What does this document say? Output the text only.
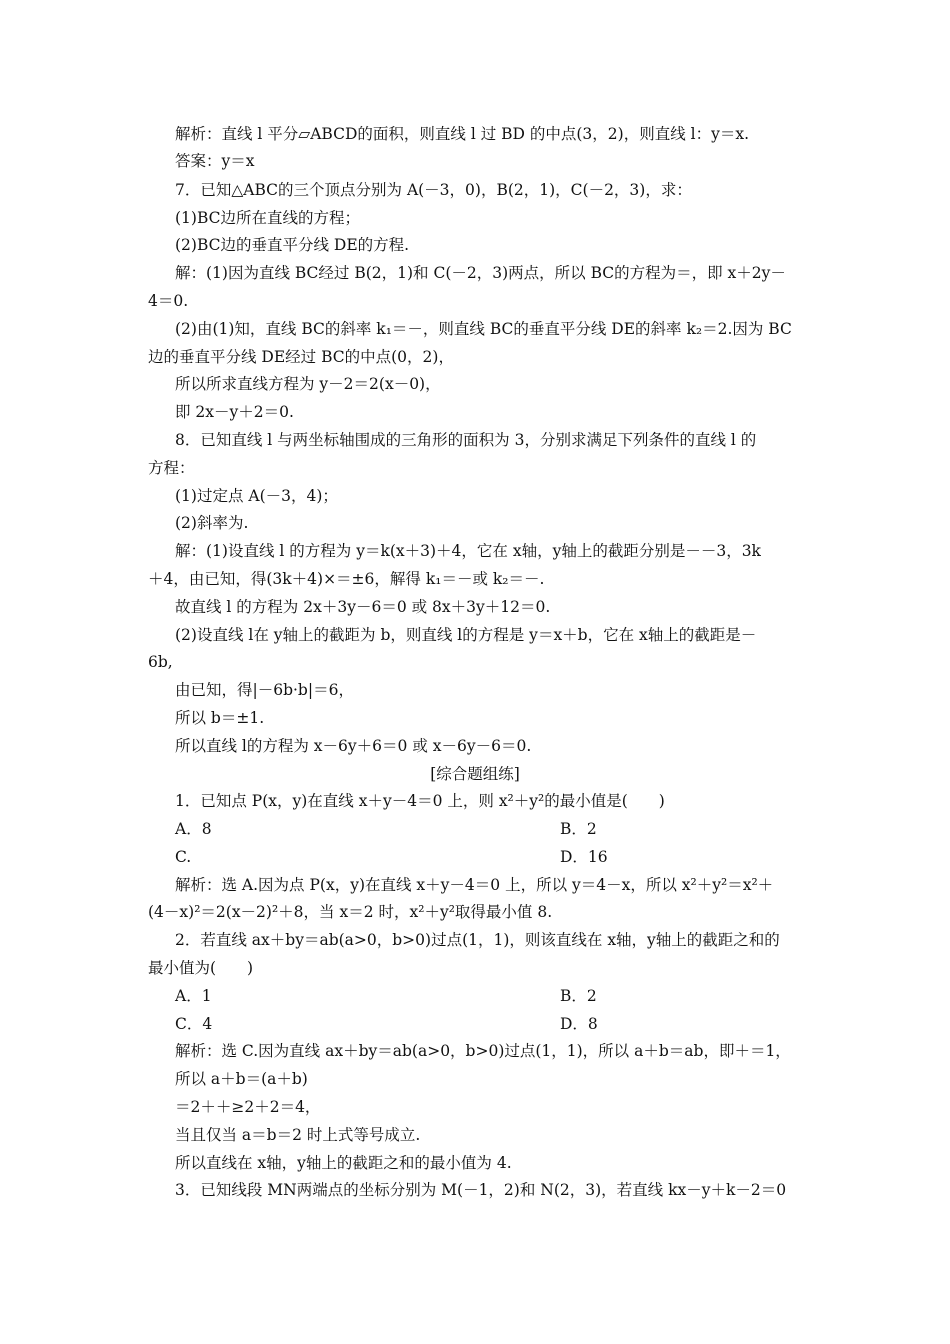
解析：直线 l 平分▱ABCD的面积，则直线 l 过 BD 的中点(3，2)，则直线 l：y＝x.
答案：y＝x
7．已知△ABC的三个顶点分别为 A(－3，0)，B(2，1)，C(－2，3)，求：
(1)BC边所在直线的方程；
(2)BC边的垂直平分线 DE的方程.
解：(1)因为直线 BC经过 B(2，1)和 C(－2，3)两点，所以 BC的方程为＝，即 x＋2y－
4＝0.
(2)由(1)知，直线 BC的斜率 k₁＝－，则直线 BC的垂直平分线 DE的斜率 k₂＝2.因为 BC
边的垂直平分线 DE经过 BC的中点(0，2)，
所以所求直线方程为 y－2＝2(x－0)，
即 2x－y＋2＝0.
8．已知直线 l 与两坐标轴围成的三角形的面积为 3，分别求满足下列条件的直线 l 的
方程：
(1)过定点 A(－3，4)；
(2)斜率为.
解：(1)设直线 l 的方程为 y＝k(x＋3)＋4，它在 x轴，y轴上的截距分别是－－3，3k
＋4，由已知，得(3k＋4)×＝±6，解得 k₁＝－或 k₂＝－.
故直线 l 的方程为 2x＋3y－6＝0 或 8x＋3y＋12＝0.
(2)设直线 l在 y轴上的截距为 b，则直线 l的方程是 y＝x＋b，它在 x轴上的截距是－
6b,
由已知，得|－6b·b|＝6，
所以 b＝±1.
所以直线 l的方程为 x－6y＋6＝0 或 x－6y－6＝0.
[综合题组练]
1．已知点 P(x，y)在直线 x＋y－4＝0 上，则 x²＋y²的最小值是(　　)
A．8	B．2
C.	D．16
解析：选 A.因为点 P(x，y)在直线 x＋y－4＝0 上，所以 y＝4－x，所以 x²＋y²＝x²＋
(4－x)²＝2(x－2)²＋8，当 x＝2 时，x²＋y²取得最小值 8.
2．若直线 ax＋by＝ab(a>0，b>0)过点(1，1)，则该直线在 x轴，y轴上的截距之和的
最小值为(　　)
A．1	B．2
C．4	D．8
解析：选 C.因为直线 ax＋by＝ab(a>0，b>0)过点(1，1)，所以 a＋b＝ab，即＋＝1，
所以 a＋b＝(a＋b)
＝2＋＋≥2＋2＝4，
当且仅当 a＝b＝2 时上式等号成立.
所以直线在 x轴，y轴上的截距之和的最小值为 4.
3．已知线段 MN两端点的坐标分别为 M(－1，2)和 N(2，3)，若直线 kx－y＋k－2＝0
